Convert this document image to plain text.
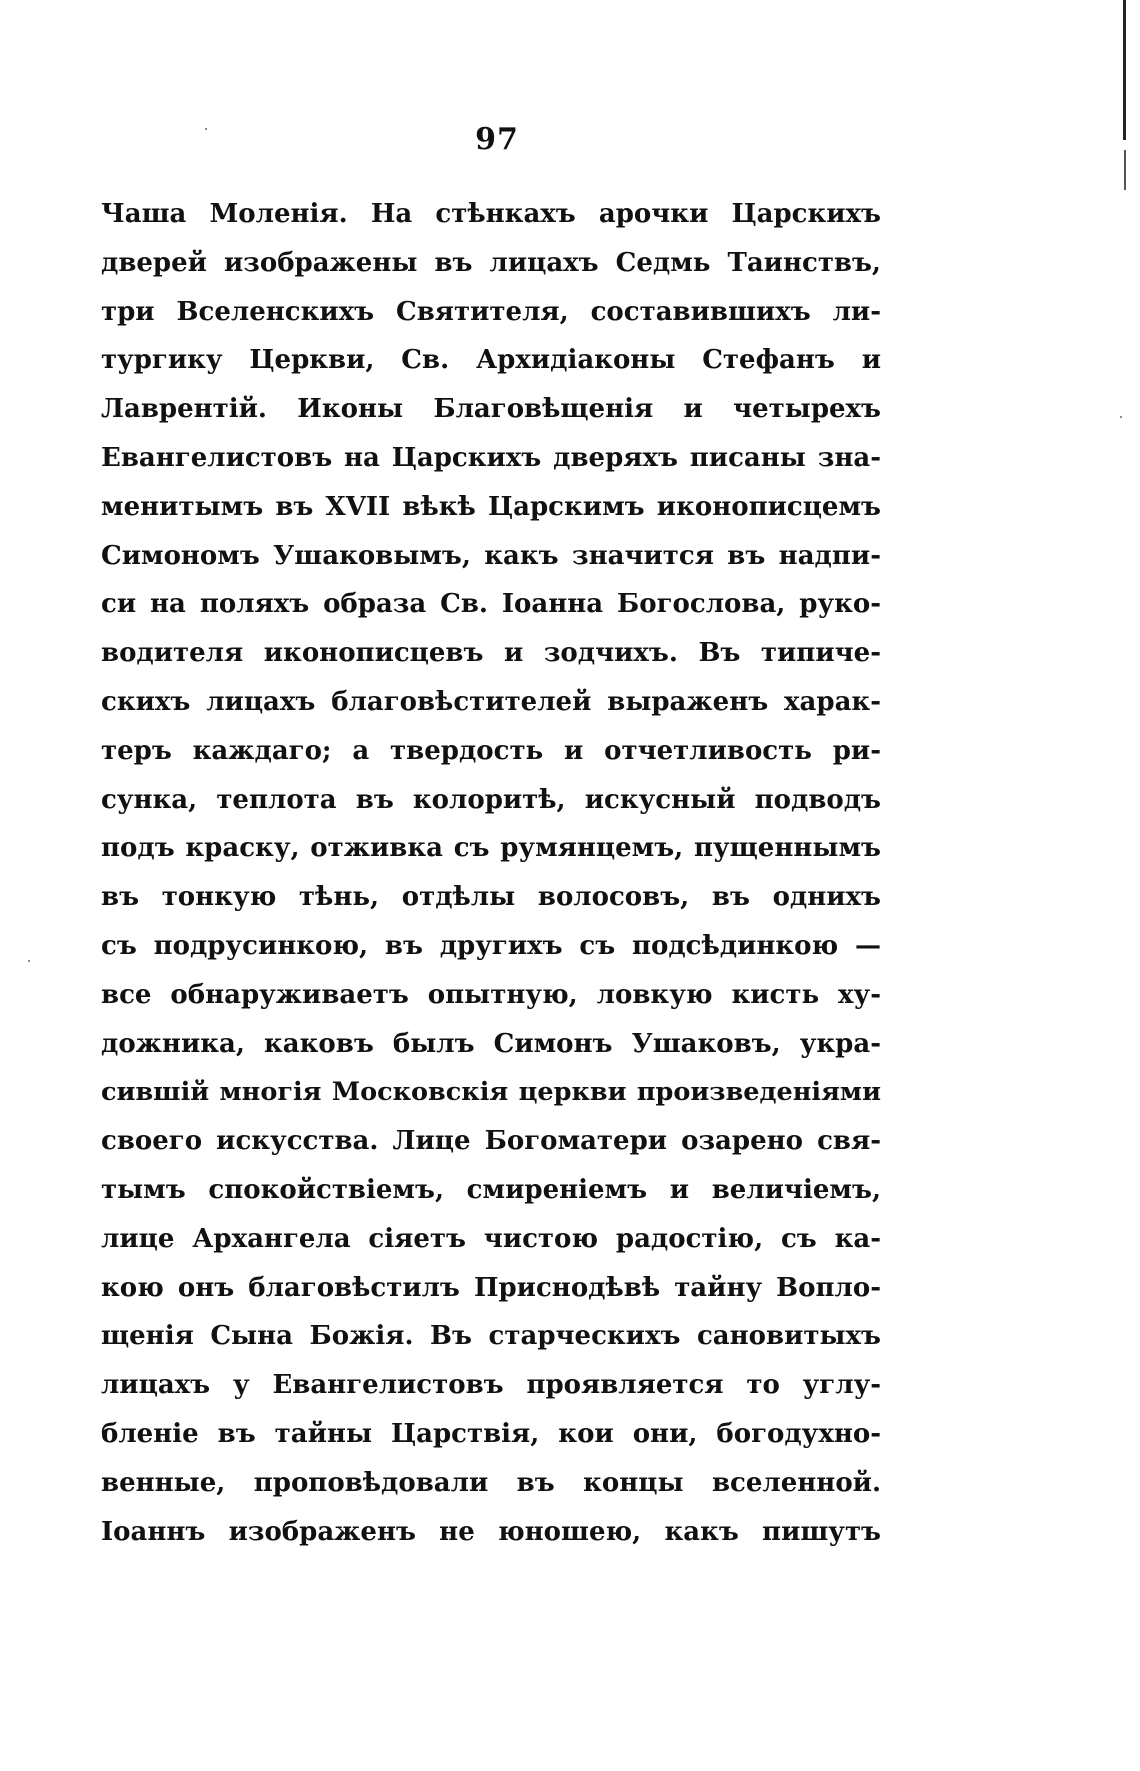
97
Чаша Моленія. На стѣнкахъ арочки Царскихъ
дверей изображены въ лицахъ Седмь Таинствъ,
три Вселенскихъ Святителя, составившихъ ли-
тургику Церкви, Св. Архидіаконы Стефанъ и
Лаврентій. Иконы Благовѣщенія и четырехъ
Евангелистовъ на Царскихъ дверяхъ писаны зна-
менитымъ въ XVII вѣкѣ Царскимъ иконописцемъ
Симономъ Ушаковымъ, какъ значится въ надпи-
си на поляхъ образа Св. Іоанна Богослова, руко-
водителя иконописцевъ и зодчихъ. Въ типиче-
скихъ лицахъ благовѣстителей выраженъ харак-
теръ каждаго; а твердость и отчетливость ри-
сунка, теплота въ колоритѣ, искусный подводъ
подъ краску, отживка съ румянцемъ, пущеннымъ
въ тонкую тѣнь, отдѣлы волосовъ, въ однихъ
съ подрусинкою, въ другихъ съ подсѣдинкою —
все обнаруживаетъ опытную, ловкую кисть ху-
дожника, каковъ былъ Симонъ Ушаковъ, укра-
сившій многія Московскія церкви произведеніями
своего искусства. Лице Богоматери озарено свя-
тымъ спокойствіемъ, смиреніемъ и величіемъ,
лице Архангела сіяетъ чистою радостію, съ ка-
кою онъ благовѣстилъ Приснодѣвѣ тайну Вопло-
щенія Сына Божія. Въ старческихъ сановитыхъ
лицахъ у Евангелистовъ проявляется то углу-
бленіе въ тайны Царствія, кои они, богодухно-
венные, проповѣдовали въ концы вселенной.
Іоаннъ изображенъ не юношею, какъ пишутъ
